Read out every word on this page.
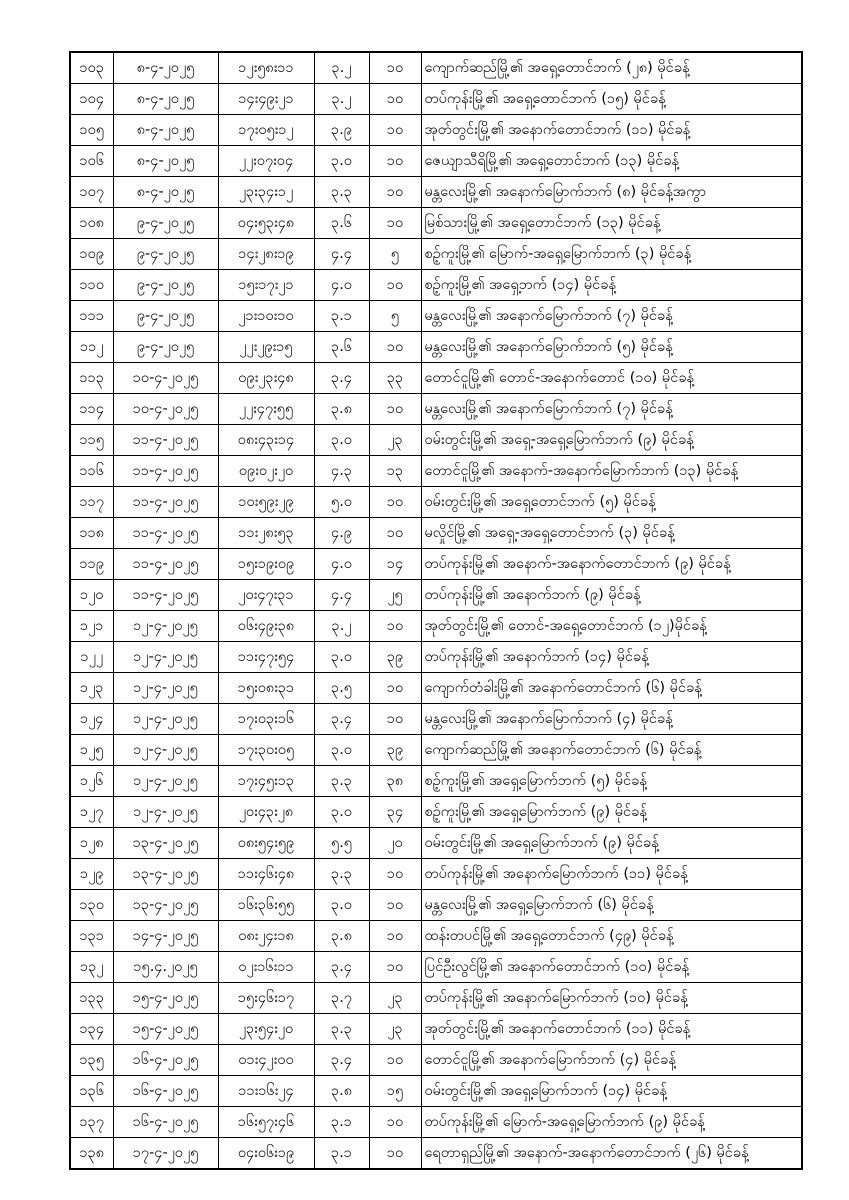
၁၀၃	၈-၄-၂၀၂၅	၁၂း၅၈း၁၁	၃.၂	၁၀	ကျောက်ဆည်မြို့၏ အရှေ့တောင်ဘက် (၂၈) မိုင်ခန့်
၁၀၄	၈-၄-၂၀၂၅	၁၄း၄၉း၂၁	၃.၂	၁၀	တပ်ကုန်းမြို့၏ အရှေ့တောင်ဘက် (၁၅) မိုင်ခန့်
၁၀၅	၈-၄-၂၀၂၅	၁၇း၀၅း၁၂	၃.၉	၁၀	အုတ်တွင်းမြို့၏ အနောက်တောင်ဘက် (၁၁) မိုင်ခန့်
၁၀၆	၈-၄-၂၀၂၅	၂၂း၀၇း၀၄	၃.၀	၁၀	ဇေယျာသီရိမြို့၏ အရှေ့တောင်ဘက် (၁၃) မိုင်ခန့်
၁၀၇	၈-၄-၂၀၂၅	၂၃း၃၄း၁၂	၃.၃	၁၀	မန္တလေးမြို့၏ အနောက်မြောက်ဘက် (၈) မိုင်ခန့်အကွာ
၁၀၈	၉-၄-၂၀၂၅	၀၄း၅၃း၄၈	၃.၆	၁၀	မြစ်သားမြို့၏ အရှေ့တောင်ဘက် (၁၃) မိုင်ခန့်
၁၀၉	၉-၄-၂၀၂၅	၁၄း၂၈း၁၉	၄.၄	၅	စဥ့်ကူးမြို့၏ မြောက်-အရှေ့မြောက်ဘက် (၃) မိုင်ခန့်
၁၁၀	၉-၄-၂၀၂၅	၁၅း၁၇း၂၁	၄.၀	၁၀	စဥ့်ကူးမြို့၏ အရှေ့ဘက် (၁၄) မိုင်ခန့်
၁၁၁	၉-၄-၂၀၂၅	၂၁း၁၀း၁၀	၃.၁	၅	မန္တလေးမြို့၏ အနောက်မြောက်ဘက် (၇) မိုင်ခန့်
၁၁၂	၉-၄-၂၀၂၅	၂၂း၂၉း၁၅	၃.၆	၁၀	မန္တလေးမြို့၏ အနောက်မြောက်ဘက် (၅) မိုင်ခန့်
၁၁၃	၁၀-၄-၂၀၂၅	၀၉း၂၃း၄၈	၃.၄	၃၃	တောင်ငူမြို့၏ တောင်-အနောက်တောင် (၁၀) မိုင်ခန့်
၁၁၄	၁၀-၄-၂၀၂၅	၂၂း၄၇း၅၅	၃.၈	၁၀	မန္တလေးမြို့၏ အနောက်မြောက်ဘက် (၇) မိုင်ခန့်
၁၁၅	၁၁-၄-၂၀၂၅	၀၈း၄၃း၁၄	၃.၀	၂၃	ဝမ်းတွင်းမြို့၏ အရှေ့-အရှေ့မြောက်ဘက် (၉) မိုင်ခန့်
၁၁၆	၁၁-၄-၂၀၂၅	၀၉း၀၂း၂၀	၄.၃	၁၃	တောင်ငူမြို့၏ အနောက်-အနောက်မြောက်ဘက် (၁၃) မိုင်ခန့်
၁၁၇	၁၁-၄-၂၀၂၅	၁၀း၅၉း၂၉	၅.၀	၁၀	ဝမ်းတွင်းမြို့၏ အရှေ့တောင်ဘက် (၅) မိုင်ခန့်
၁၁၈	၁၁-၄-၂၀၂၅	၁၁း၂၈း၅၃	၄.၉	၁၀	မလှိုင်မြို့၏ အရှေ့-အရှေ့တောင်ဘက် (၃) မိုင်ခန့်
၁၁၉	၁၁-၄-၂၀၂၅	၁၅း၁၉း၀၉	၄.၀	၁၄	တပ်ကုန်းမြို့၏ အနောက်-အနောက်တောင်ဘက် (၉) မိုင်ခန့်
၁၂၀	၁၁-၄-၂၀၂၅	၂၀း၄၇း၃၁	၄.၄	၂၅	တပ်ကုန်းမြို့၏ အနောက်ဘက် (၉) မိုင်ခန့်
၁၂၁	၁၂-၄-၂၀၂၅	၀၆း၄၉း၃၈	၃.၂	၁၀	အုတ်တွင်းမြို့၏ တောင်-အရှေ့တောင်ဘက် (၁၂)မိုင်ခန့်
၁၂၂	၁၂-၄-၂၀၂၅	၁၁း၄၇း၅၄	၃.၀	၃၉	တပ်ကုန်းမြို့၏ အနောက်ဘက် (၁၄) မိုင်ခန့်
၁၂၃	၁၂-၄-၂၀၂၅	၁၅း၀၈း၃၁	၃.၅	၁၀	ကျောက်တံခါးမြို့၏ အနောက်တောင်ဘက် (၆) မိုင်ခန့်
၁၂၄	၁၂-၄-၂၀၂၅	၁၇း၀၃း၁၆	၃.၄	၁၀	မန္တလေးမြို့၏ အနောက်မြောက်ဘက် (၄) မိုင်ခန့်
၁၂၅	၁၂-၄-၂၀၂၅	၁၇း၃၀း၀၅	၃.၀	၃၉	ကျောက်ဆည်မြို့၏ အနောက်တောင်ဘက် (၆) မိုင်ခန့်
၁၂၆	၁၂-၄-၂၀၂၅	၁၇း၄၅း၁၃	၃.၃	၃၈	စဥ့်ကူးမြို့၏ အရှေ့မြောက်ဘက် (၅) မိုင်ခန့်
၁၂၇	၁၂-၄-၂၀၂၅	၂၀း၄၃း၂၈	၃.၀	၃၄	စဥ့်ကူးမြို့၏ အရှေ့မြောက်ဘက် (၉) မိုင်ခန့်
၁၂၈	၁၃-၄-၂၀၂၅	၀၈း၅၄း၅၉	၅.၅	၂၀	ဝမ်းတွင်းမြို့၏ အရှေ့မြောက်ဘက် (၉) မိုင်ခန့်
၁၂၉	၁၃-၄-၂၀၂၅	၁၁း၄၆း၄၈	၃.၃	၁၀	တပ်ကုန်းမြို့၏ အနောက်မြောက်ဘက် (၁၁) မိုင်ခန့်
၁၃၀	၁၃-၄-၂၀၂၅	၁၆း၃၆း၅၅	၃.၀	၁၀	မန္တလေးမြို့၏ အရှေ့မြောက်ဘက် (၆) မိုင်ခန့်
၁၃၁	၁၄-၄-၂၀၂၅	၀၈း၂၄း၁၈	၃.၈	၁၀	ထန်းတပင်မြို့၏ အရှေ့တောင်ဘက် (၄၉) မိုင်ခန့်
၁၃၂	၁၅.၄.၂၀၂၅	၀၂း၁၆း၁၁	၃.၄	၁၀	ပြင်ဦးလွင်မြို့၏ အနောက်တောင်ဘက် (၁၀) မိုင်ခန့်
၁၃၃	၁၅-၄-၂၀၂၅	၁၅း၄၆း၁၇	၃.၇	၂၃	တပ်ကုန်းမြို့၏ အနောက်မြောက်ဘက် (၁၀) မိုင်ခန့်
၁၃၄	၁၅-၄-၂၀၂၅	၂၃း၅၄း၂၀	၃.၃	၂၃	အုတ်တွင်းမြို့၏ အနောက်တောင်ဘက် (၁၁) မိုင်ခန့်
၁၃၅	၁၆-၄-၂၀၂၅	၀၁း၄၂း၀၀	၃.၄	၁၀	တောင်ငူမြို့၏ အနောက်မြောက်ဘက် (၄) မိုင်ခန့်
၁၃၆	၁၆-၄-၂၀၂၅	၁၁း၁၆း၂၄	၃.၈	၁၅	ဝမ်းတွင်းမြို့၏ အရှေ့မြောက်ဘက် (၁၄) မိုင်ခန့်
၁၃၇	၁၆-၄-၂၀၂၅	၁၆း၅၇း၄၆	၃.၁	၁၀	တပ်ကုန်းမြို့၏ မြောက်-အရှေ့မြောက်ဘက် (၉) မိုင်ခန့်
၁၃၈	၁၇-၄-၂၀၂၅	၀၄း၀၆း၁၉	၃.၁	၁၀	ရေတာရှည်မြို့၏ အနောက်-အနောက်တောင်ဘက် (၂၆) မိုင်ခန့်
